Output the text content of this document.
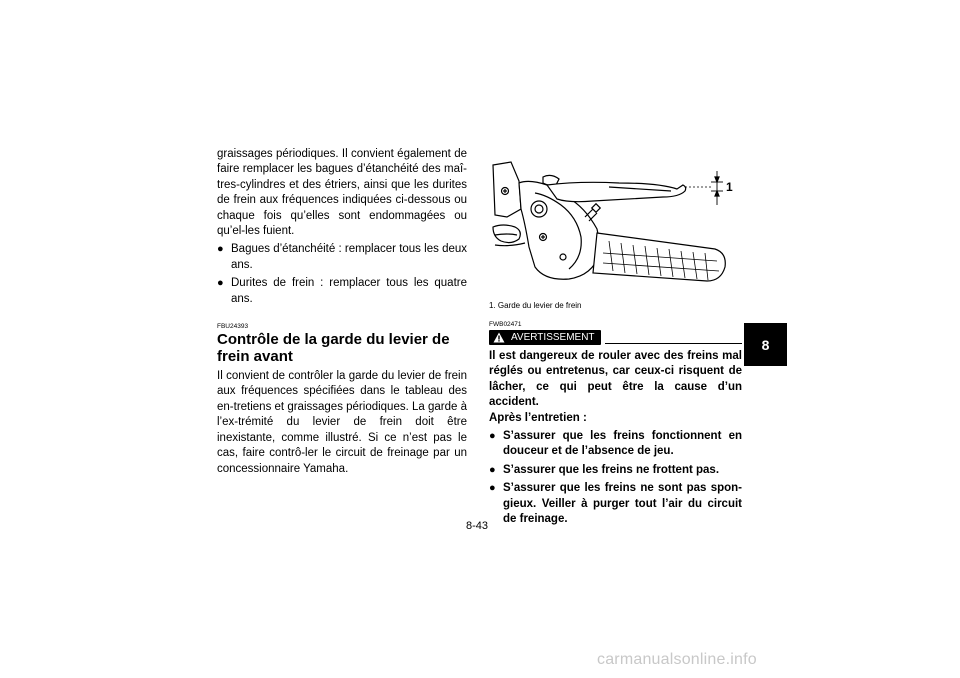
graissages périodiques. Il convient également de faire remplacer les bagues d’étanchéité des maî-tres-cylindres et des étriers, ainsi que les durites de frein aux fréquences indiquées ci-dessous ou chaque fois qu’elles sont endommagées ou qu’el-les fuient.

● Bagues d’étanchéité : remplacer tous les deux ans.
● Durites de frein : remplacer tous les quatre ans.
FBU24393
Contrôle de la garde du levier de frein avant

Il convient de contrôler la garde du levier de frein aux fréquences spécifiées dans le tableau des en-tretiens et graissages périodiques. La garde à l’ex-trémité du levier de frein doit être inexistante, comme illustré. Si ce n’est pas le cas, faire contrô-ler le circuit de freinage par un concessionnaire Yamaha.

1
1. Garde du levier de frein
FWB02471
AVERTISSEMENT

Il est dangereux de rouler avec des freins mal réglés ou entretenus, car ceux-ci risquent de lâcher, ce qui peut être la cause d’un accident.

Après l’entretien :

● S’assurer que les freins fonctionnent en douceur et de l’absence de jeu.
● S’assurer que les freins ne frottent pas.
● S’assurer que les freins ne sont pas spon-gieux. Veiller à purger tout l’air du circuit de freinage.
8
8-43
carmanualsonline.info
